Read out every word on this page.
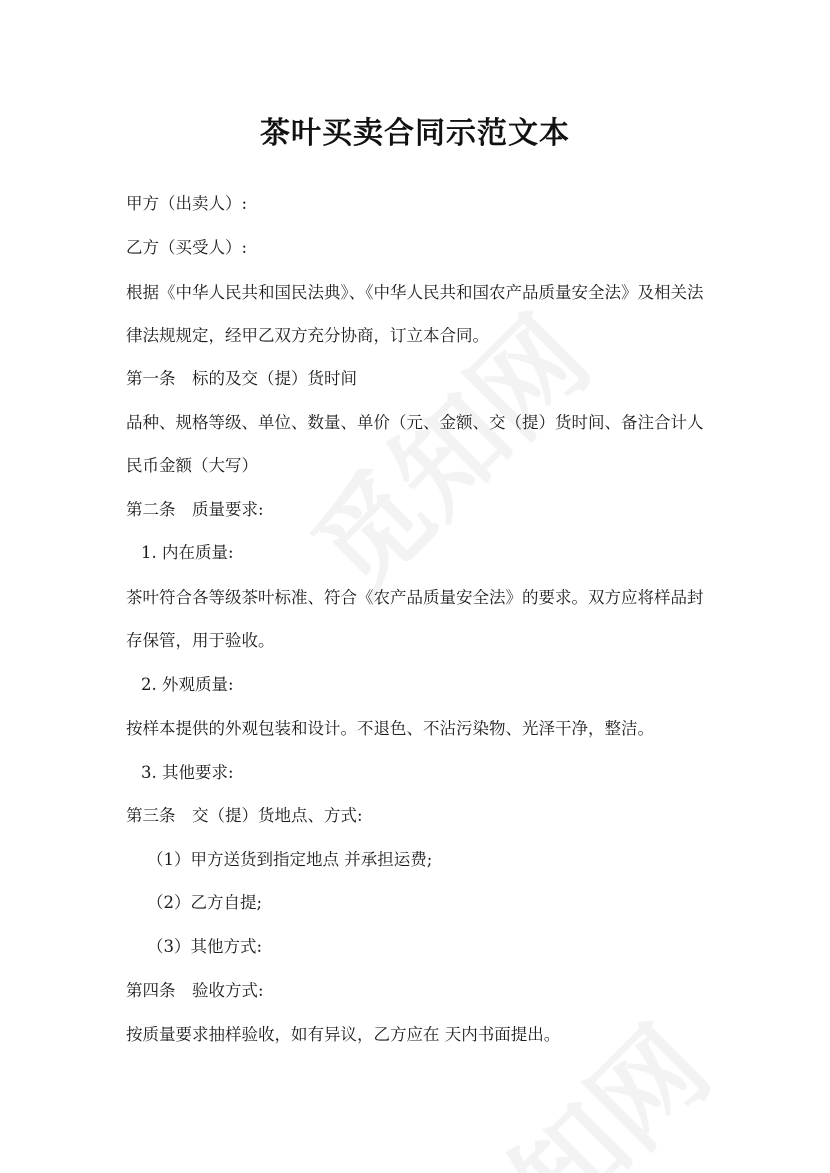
茶叶买卖合同示范文本

甲方（出卖人）:

乙方（买受人）:

根据《中华人民共和国民法典》、《中华人民共和国农产品质量安全法》及相关法

律法规规定，经甲乙双方充分协商，订立本合同。

第一条　标的及交（提）货时间

品种、规格等级、单位、数量、单价（元、金额、交（提）货时间、备注合计人

民币金额（大写）

第二条　质量要求:

1. 内在质量:

茶叶符合各等级茶叶标准、符合《农产品质量安全法》的要求。双方应将样品封

存保管，用于验收。

2. 外观质量:

按样本提供的外观包装和设计。不退色、不沾污染物、光泽干净，整洁。

3. 其他要求:

第三条　交（提）货地点、方式:

（1）甲方送货到指定地点 并承担运费;

（2）乙方自提;

（3）其他方式:

第四条　验收方式:

按质量要求抽样验收，如有异议，乙方应在 天内书面提出。
